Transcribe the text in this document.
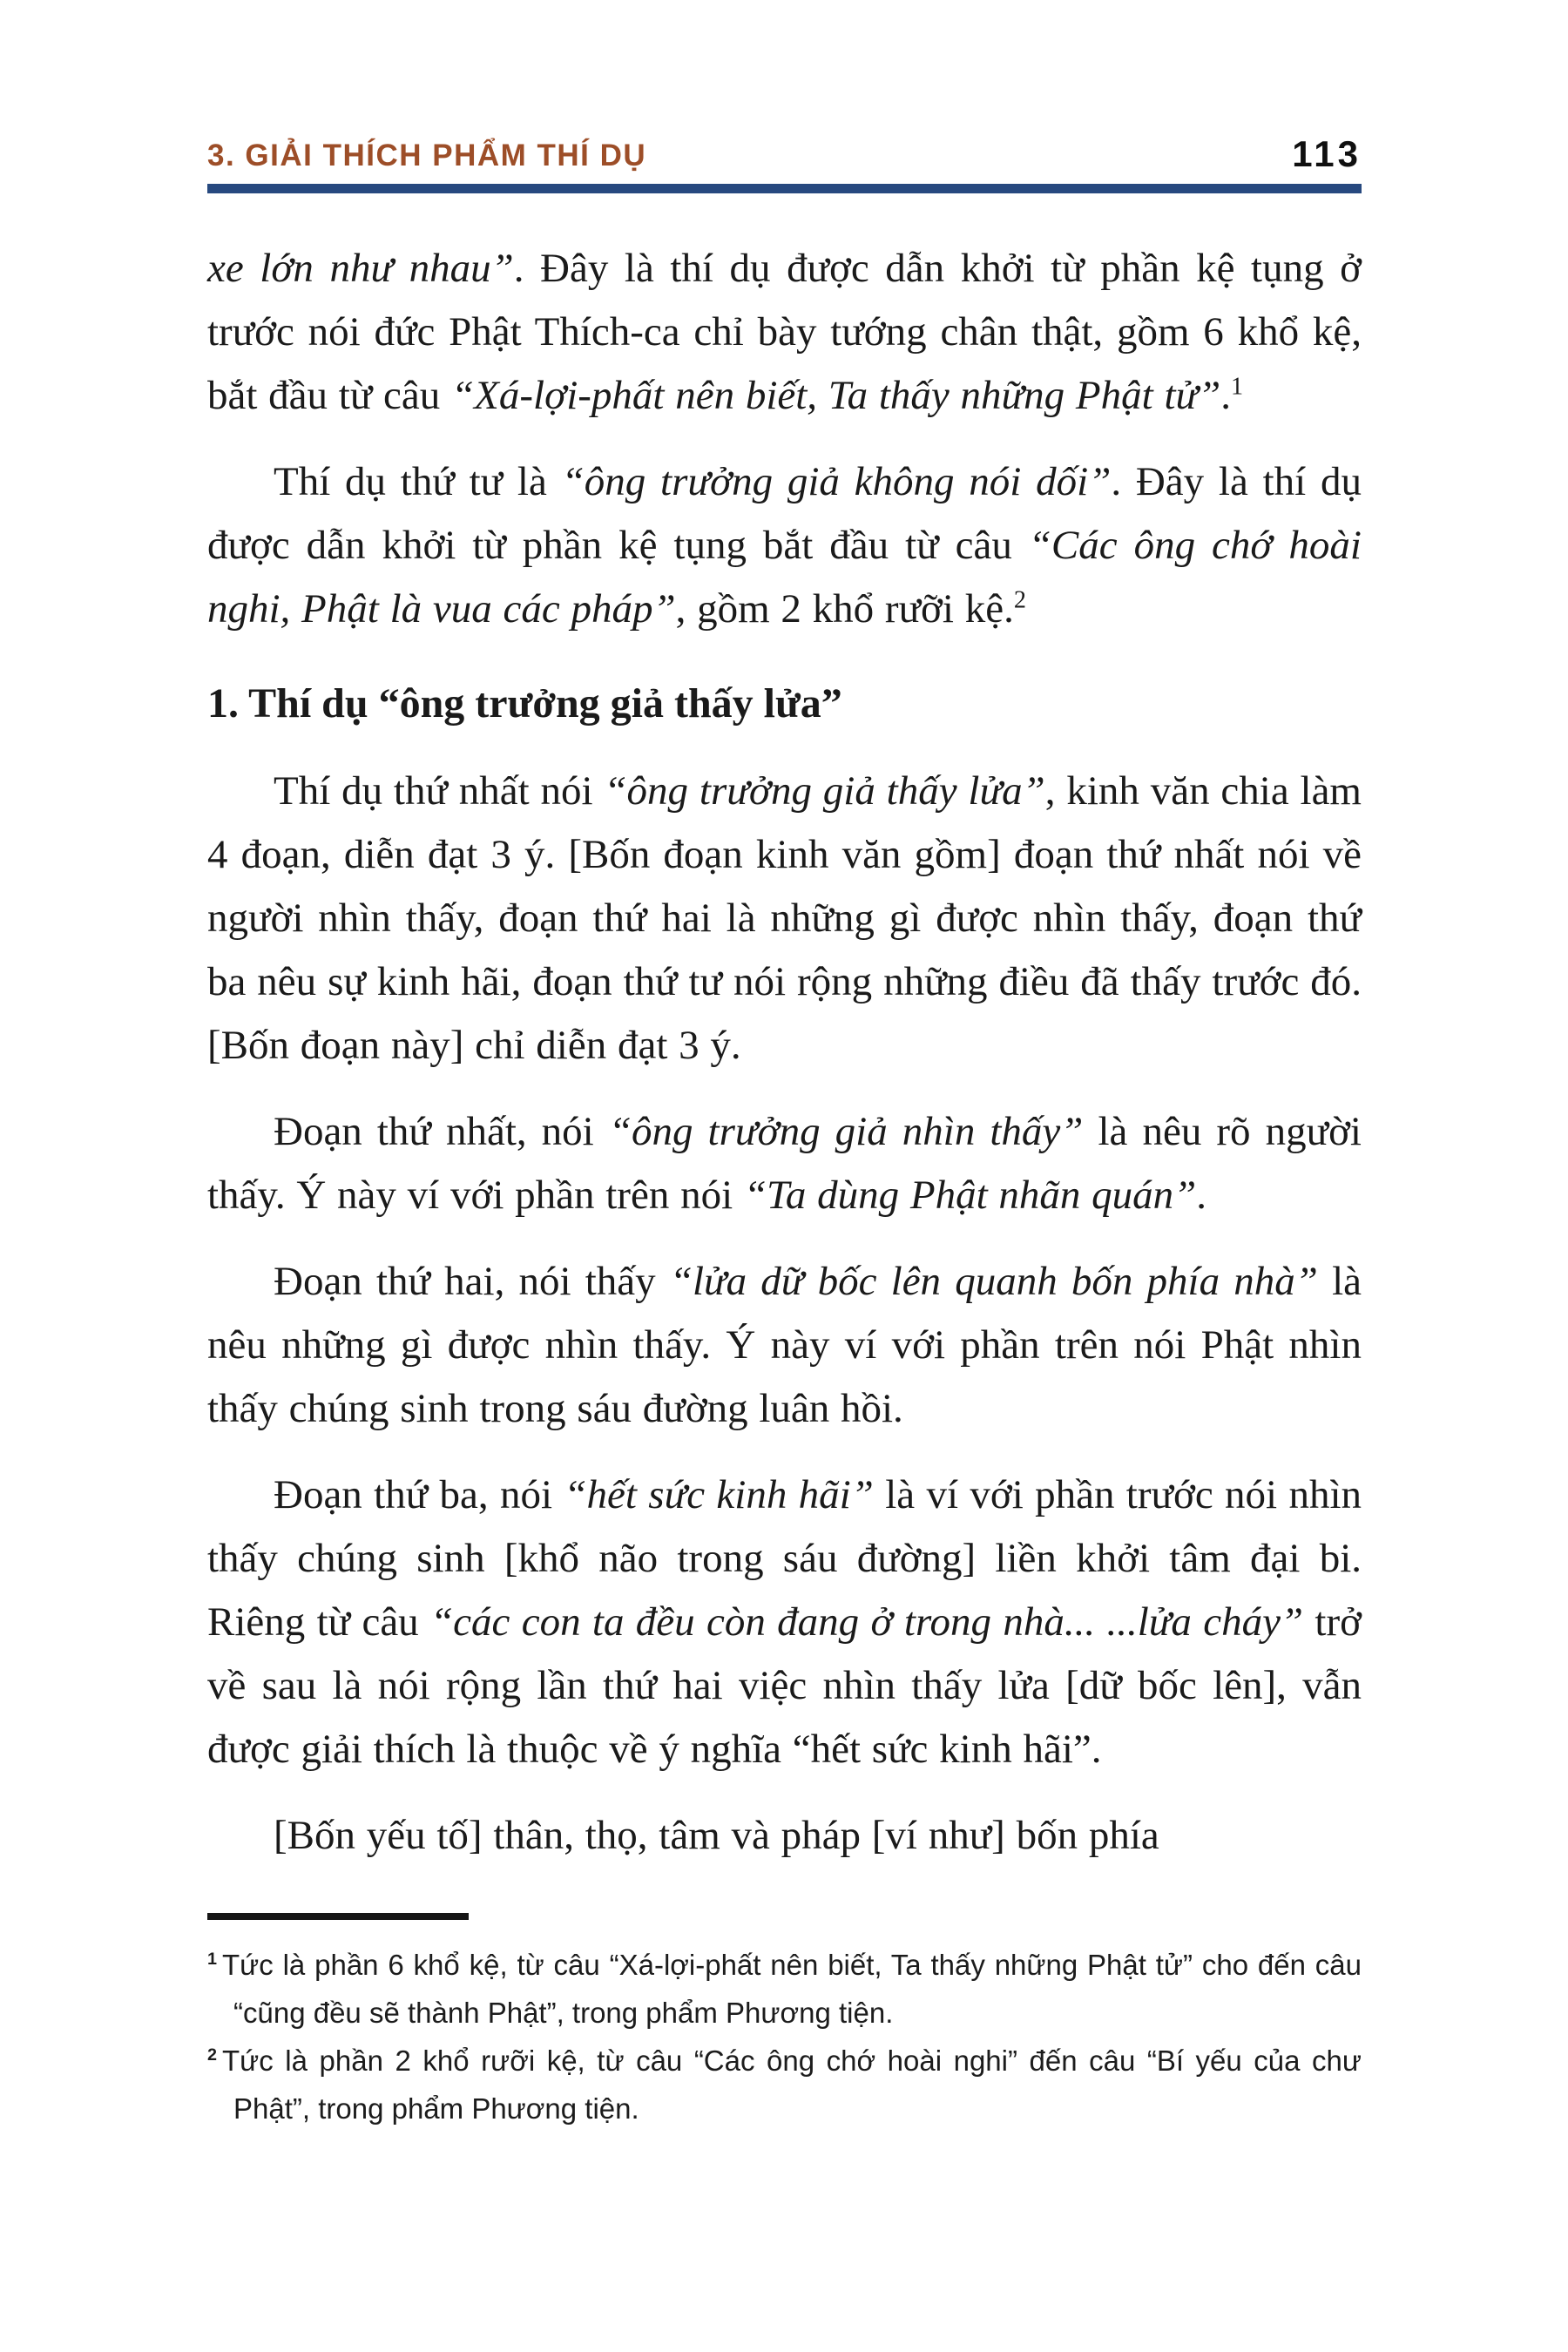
3. GIẢI THÍCH PHẨM THÍ DỤ	113

xe lớn như nhau”. Đây là thí dụ được dẫn khởi từ phần kệ tụng ở trước nói đức Phật Thích-ca chỉ bày tướng chân thật, gồm 6 khổ kệ, bắt đầu từ câu “Xá-lợi-phất nên biết, Ta thấy những Phật tử”.$^1$

Thí dụ thứ tư là “ông trưởng giả không nói dối”. Đây là thí dụ được dẫn khởi từ phần kệ tụng bắt đầu từ câu “Các ông chớ hoài nghi, Phật là vua các pháp”, gồm 2 khổ rưỡi kệ.$^2$

1. Thí dụ “ông trưởng giả thấy lửa”

Thí dụ thứ nhất nói “ông trưởng giả thấy lửa”, kinh văn chia làm 4 đoạn, diễn đạt 3 ý. [Bốn đoạn kinh văn gồm] đoạn thứ nhất nói về người nhìn thấy, đoạn thứ hai là những gì được nhìn thấy, đoạn thứ ba nêu sự kinh hãi, đoạn thứ tư nói rộng những điều đã thấy trước đó. [Bốn đoạn này] chỉ diễn đạt 3 ý.

Đoạn thứ nhất, nói “ông trưởng giả nhìn thấy” là nêu rõ người thấy. Ý này ví với phần trên nói “Ta dùng Phật nhãn quán”.

Đoạn thứ hai, nói thấy “lửa dữ bốc lên quanh bốn phía nhà” là nêu những gì được nhìn thấy. Ý này ví với phần trên nói Phật nhìn thấy chúng sinh trong sáu đường luân hồi.

Đoạn thứ ba, nói “hết sức kinh hãi” là ví với phần trước nói nhìn thấy chúng sinh [khổ não trong sáu đường] liền khởi tâm đại bi. Riêng từ câu “các con ta đều còn đang ở trong nhà... ...lửa cháy” trở về sau là nói rộng lần thứ hai việc nhìn thấy lửa [dữ bốc lên], vẫn được giải thích là thuộc về ý nghĩa “hết sức kinh hãi”.

[Bốn yếu tố] thân, thọ, tâm và pháp [ví như] bốn phía

$^1$ Tức là phần 6 khổ kệ, từ câu “Xá-lợi-phất nên biết, Ta thấy những Phật tử” cho đến câu “cũng đều sẽ thành Phật”, trong phẩm Phương tiện.
$^2$ Tức là phần 2 khổ rưỡi kệ, từ câu “Các ông chớ hoài nghi” đến câu “Bí yếu của chư Phật”, trong phẩm Phương tiện.
